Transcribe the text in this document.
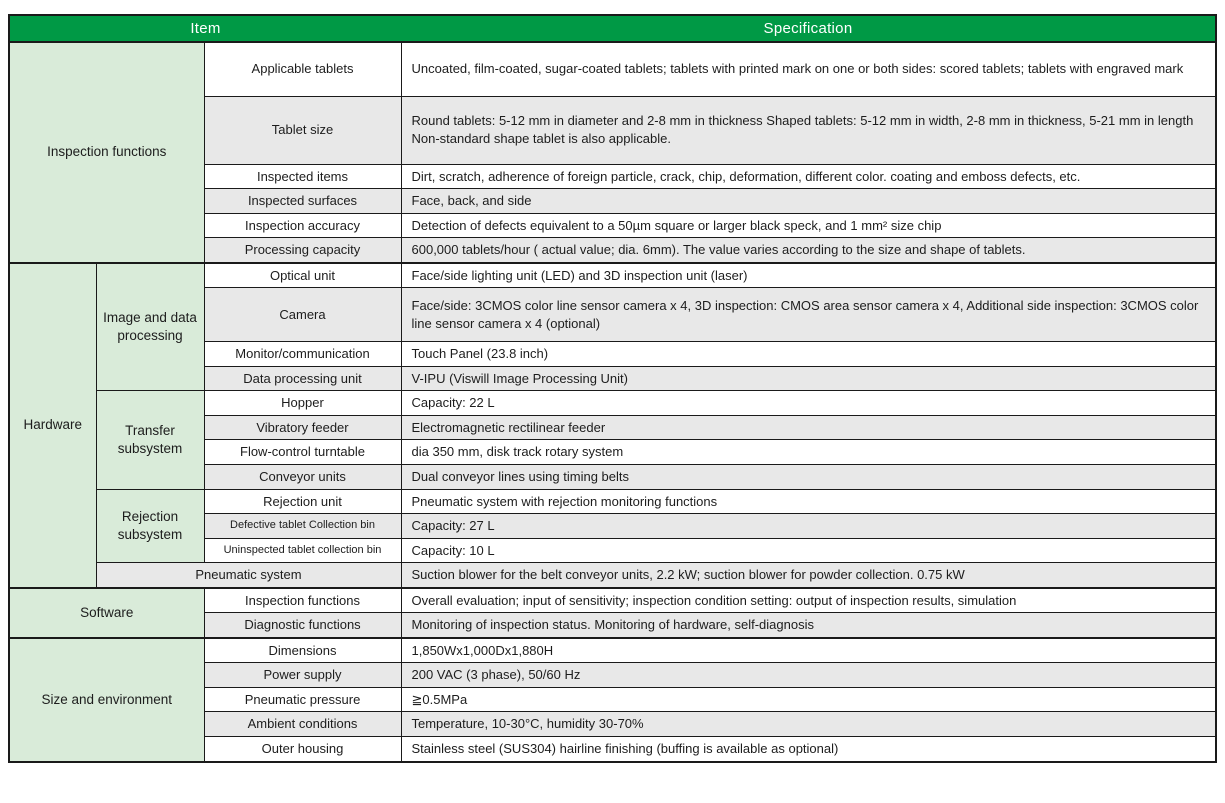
Item			Specification
Inspection functions		Applicable tablets	Uncoated, film-coated, sugar-coated tablets; tablets with printed mark on one or both sides: scored tablets; tablets with engraved mark
		Tablet size	Round tablets: 5-12 mm in diameter and 2-8 mm in thickness Shaped tablets: 5-12 mm in width, 2-8 mm in thickness, 5-21 mm in length Non-standard shape tablet is also applicable.
		Inspected items	Dirt, scratch, adherence of foreign particle, crack, chip, deformation, different color. coating and emboss defects, etc.
		Inspected surfaces	Face, back, and side
		Inspection accuracy	Detection of defects equivalent to a 50µm square or larger black speck, and 1 mm² size chip
		Processing capacity	600,000 tablets/hour ( actual value; dia. 6mm). The value varies according to the size and shape of tablets.
Hardware	Image and data processing	Optical unit	Face/side lighting unit (LED) and 3D inspection unit (laser)
		Camera	Face/side: 3CMOS color line sensor camera x 4, 3D inspection: CMOS area sensor camera x 4, Additional side inspection: 3CMOS color line sensor camera x 4 (optional)
		Monitor/communication	Touch Panel (23.8 inch)
		Data processing unit	V-IPU (Viswill Image Processing Unit)
	Transfer subsystem	Hopper	Capacity: 22 L
		Vibratory feeder	Electromagnetic rectilinear feeder
		Flow-control turntable	dia 350 mm, disk track rotary system
		Conveyor units	Dual conveyor lines using timing belts
	Rejection subsystem	Rejection unit	Pneumatic system with rejection monitoring functions
		Defective tablet Collection bin	Capacity: 27 L
		Uninspected tablet collection bin	Capacity: 10 L
	Pneumatic system		Suction blower for the belt conveyor units, 2.2 kW; suction blower for powder collection. 0.75 kW
Software		Inspection functions	Overall evaluation; input of sensitivity; inspection condition setting: output of inspection results, simulation
		Diagnostic functions	Monitoring of inspection status. Monitoring of hardware, self-diagnosis
Size and environment		Dimensions	1,850Wx1,000Dx1,880H
		Power supply	200 VAC (3 phase), 50/60 Hz
		Pneumatic pressure	≧0.5MPa
		Ambient conditions	Temperature, 10-30°C, humidity 30-70%
		Outer housing	Stainless steel (SUS304) hairline finishing (buffing is available as optional)
